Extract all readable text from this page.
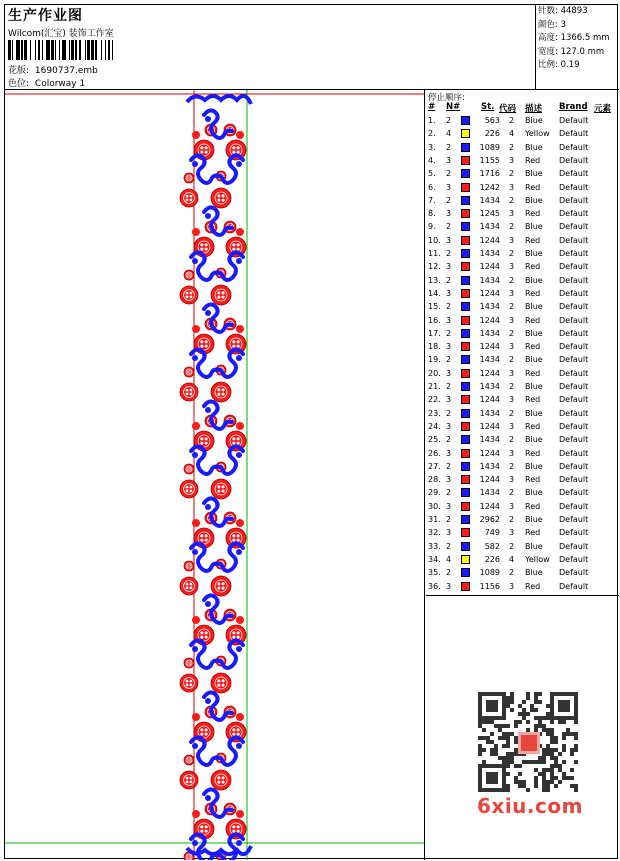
生产作业图
Wilcom(汇宝) 装饰工作室
花版: 1690737.emb
色位: Colorway 1
针数: 44893
颜色: 3
高度: 1366.5 mm
宽度: 127.0 mm
比例: 0.19
停止顺序:
# N# St. 代码 描述 Brand 元素
1. 2	563 2 Blue Default
2. 4	226 4 Yellow Default
3. 2	1089 2 Blue Default
4. 3	1155 3 Red Default
5. 2	1716 2 Blue Default
6. 3	1242 3 Red Default
7. 2	1434 2 Blue Default
8. 3	1245 3 Red Default
9. 2	1434 2 Blue Default
10. 3	1244 3 Red Default
11. 2	1434 2 Blue Default
12. 3	1244 3 Red Default
13. 2	1434 2 Blue Default
14. 3	1244 3 Red Default
15. 2	1434 2 Blue Default
16. 3	1244 3 Red Default
17. 2	1434 2 Blue Default
18. 3	1244 3 Red Default
19. 2	1434 2 Blue Default
20. 3	1244 3 Red Default
21. 2	1434 2 Blue Default
22. 3	1244 3 Red Default
23. 2	1434 2 Blue Default
24. 3	1244 3 Red Default
25. 2	1434 2 Blue Default
26. 3	1244 3 Red Default
27. 2	1434 2 Blue Default
28. 3	1244 3 Red Default
29. 2	1434 2 Blue Default
30. 3	1244 3 Red Default
31. 2	2962 2 Blue Default
32. 3	749 3 Red Default
33. 2	582 2 Blue Default
34. 4	226 4 Yellow Default
35. 2	1089 2 Blue Default
36. 3	1156 3 Red Default
6xiu.com
